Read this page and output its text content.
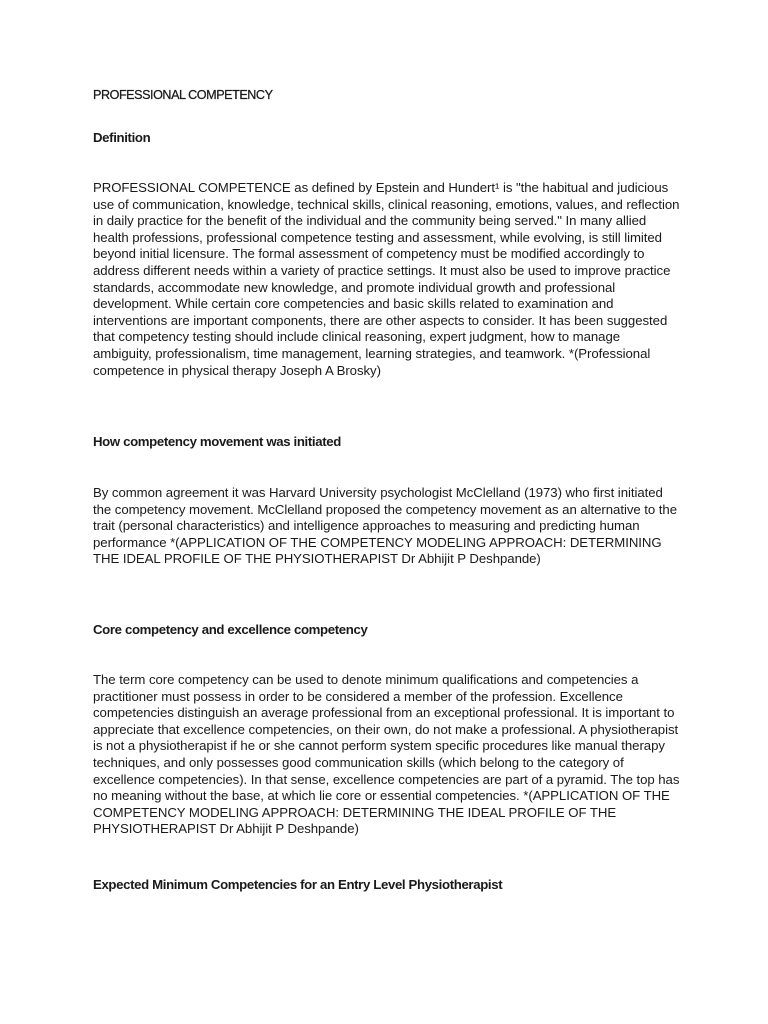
PROFESSIONAL COMPETENCY
Definition

PROFESSIONAL COMPETENCE as defined by Epstein and Hundert¹ is "the habitual and judicious use of communication, knowledge, technical skills, clinical reasoning, emotions, values, and reflection in daily practice for the benefit of the individual and the community being served." In many allied health professions, professional competence testing and assessment, while evolving, is still limited beyond initial licensure. The formal assessment of competency must be modified accordingly to address different needs within a variety of practice settings. It must also be used to improve practice standards, accommodate new knowledge, and promote individual growth and professional development. While certain core competencies and basic skills related to examination and interventions are important components, there are other aspects to consider. It has been suggested that competency testing should include clinical reasoning, expert judgment, how to manage ambiguity, professionalism, time management, learning strategies, and teamwork. *(Professional competence in physical therapy Joseph A Brosky)

How competency movement was initiated

By common agreement it was Harvard University psychologist McClelland (1973) who first initiated the competency movement. McClelland proposed the competency movement as an alternative to the trait (personal characteristics) and intelligence approaches to measuring and predicting human performance *(APPLICATION OF THE COMPETENCY MODELING APPROACH: DETERMINING THE IDEAL PROFILE OF THE PHYSIOTHERAPIST Dr Abhijit P Deshpande)

Core competency and excellence competency

The term core competency can be used to denote minimum qualifications and competencies a practitioner must possess in order to be considered a member of the profession. Excellence competencies distinguish an average professional from an exceptional professional. It is important to appreciate that excellence competencies, on their own, do not make a professional. A physiotherapist is not a physiotherapist if he or she cannot perform system specific procedures like manual therapy techniques, and only possesses good communication skills (which belong to the category of excellence competencies). In that sense, excellence competencies are part of a pyramid. The top has no meaning without the base, at which lie core or essential competencies. *(APPLICATION OF THE COMPETENCY MODELING APPROACH: DETERMINING THE IDEAL PROFILE OF THE PHYSIOTHERAPIST Dr Abhijit P Deshpande)

Expected Minimum Competencies for an Entry Level Physiotherapist
